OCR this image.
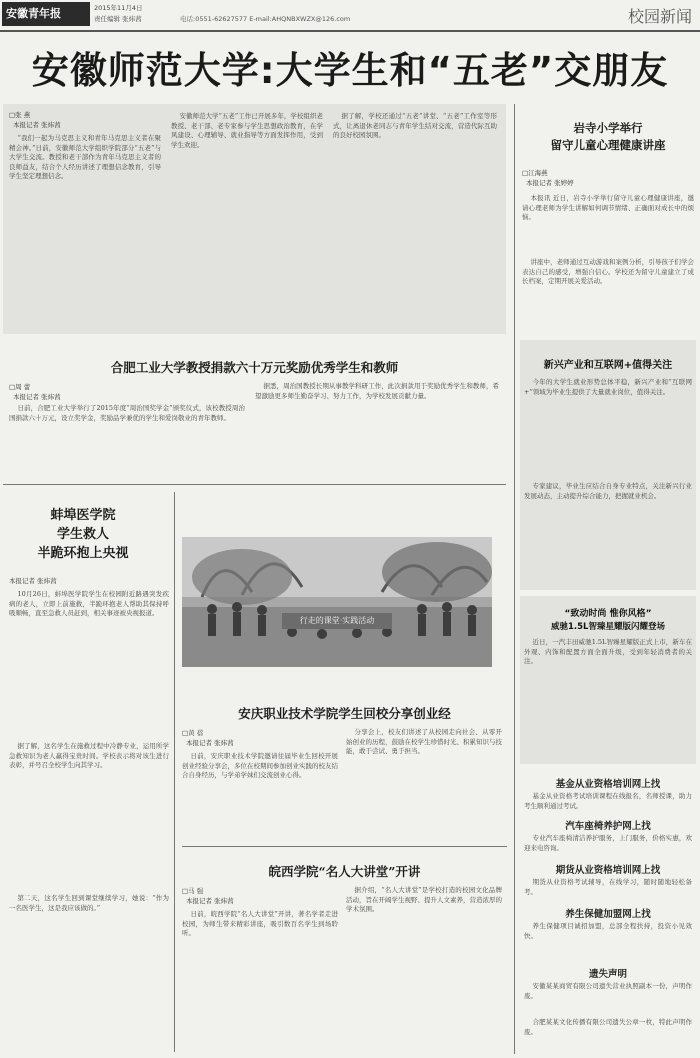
安徽青年报	2015年11月4日
责任编辑 张炜茜	电话:0551-62627577 E-mail:AHQNBXWZX@126.com	校园新闻
安徽师范大学:大学生和“五老”交朋友
□张 燕
本报记者 张炜茜

“我们一起为马克思主义和青年马克思主义者在聚精会神。”日前，安徽师范大学组织学院部分“五老”与大学生交流。教授和老干部作为青年马克思主义者的良师益友，结合个人经历讲述了理想信念教育，引导学生坚定理想信念。

安徽师范大学“五老”工作已开展多年，学校组织老教授、老干部、老专家参与学生思想政治教育，在学风建设、心理辅导、就业指导等方面发挥作用，受到学生欢迎。

据了解，学校还通过“五老”讲堂、“五老”工作室等形式，让离退休老同志与青年学生结对交流，营造代际互助的良好校园氛围。

合肥工业大学教授捐款六十万元奖励优秀学生和教师
□周 蕾
本报记者 张炜茜

日前，合肥工业大学举行了2015年度“周治国奖学金”颁奖仪式，该校教授周治国捐款六十万元，设立奖学金，奖励品学兼优的学生和爱岗敬业的青年教师。

据悉，周治国教授长期从事教学科研工作，此次捐款用于奖励优秀学生和教师，希望激励更多师生勤奋学习、努力工作，为学校发展贡献力量。

蚌埠医学院
学生救人
半跪环抱上央视
本报记者 张炜茜

10月26日，蚌埠医学院学生在校园附近路遇突发疾病的老人，立即上前施救，半跪环抱老人帮助其保持呼吸顺畅，直至急救人员赶到，相关事迹被央视报道。

据了解，这名学生在施救过程中冷静专业，运用所学急救知识为老人赢得宝贵时间。学校表示将对该生进行表彰，并号召全校学生向其学习。

第二天，这名学生回到课堂继续学习，她说：“作为一名医学生，这是我应该做的。”

行走的课堂·实践活动
安庆职业技术学院学生回校分享创业经
□黄 蓓
本报记者 张炜茜

日前，安庆职业技术学院邀请往届毕业生回校开展创业经验分享会，多位在校期间参加创业实践的校友结合自身经历，与学弟学妹们交流创业心得。

分享会上，校友们讲述了从校园走向社会、从零开始创业的历程，鼓励在校学生珍惜时光、积累知识与技能，敢于尝试、勇于担当。

皖西学院“名人大讲堂”开讲
□马 强
本报记者 张炜茜

日前，皖西学院“名人大讲堂”开讲，著名学者走进校园，为师生带来精彩讲座，吸引数百名学生到场聆听。

据介绍，“名人大讲堂”是学校打造的校园文化品牌活动，旨在开阔学生视野、提升人文素养，营造浓厚的学术氛围。

岩寺小学举行
留守儿童心理健康讲座
□江海燕
本报记者 张婷婷

本报讯 近日，岩寺小学举行留守儿童心理健康讲座，邀请心理老师为学生讲解如何调节情绪、正确面对成长中的烦恼。

讲座中，老师通过互动游戏和案例分析，引导孩子们学会表达自己的感受，增强自信心。学校还为留守儿童建立了成长档案，定期开展关爱活动。

新兴产业和互联网+值得关注

今年的大学生就业形势总体平稳，新兴产业和“互联网+”领域为毕业生提供了大量就业岗位，值得关注。

专家建议，毕业生应结合自身专业特点，关注新兴行业发展动态，主动提升综合能力，把握就业机会。

“致动时尚 惟你风格”
威驰1.5L智臻星耀版闪耀登场

近日，一汽丰田威驰1.5L智臻星耀版正式上市，新车在外观、内饰和配置方面全面升级，受到年轻消费者的关注。

基金从业资格培训网上找

基金从业资格考试培训课程在线报名，名师授课，助力考生顺利通过考试。

汽车座椅养护网上找

专业汽车座椅清洁养护服务，上门服务，价格实惠，欢迎来电咨询。

期货从业资格培训网上找

期货从业资格考试辅导，在线学习，随时随地轻松备考。

养生保健加盟网上找

养生保健项目诚招加盟，总部全程扶持，投资小见效快。

遗失声明

安徽某某商贸有限公司遗失营业执照副本一份，声明作废。

合肥某某文化传播有限公司遗失公章一枚，特此声明作废。
